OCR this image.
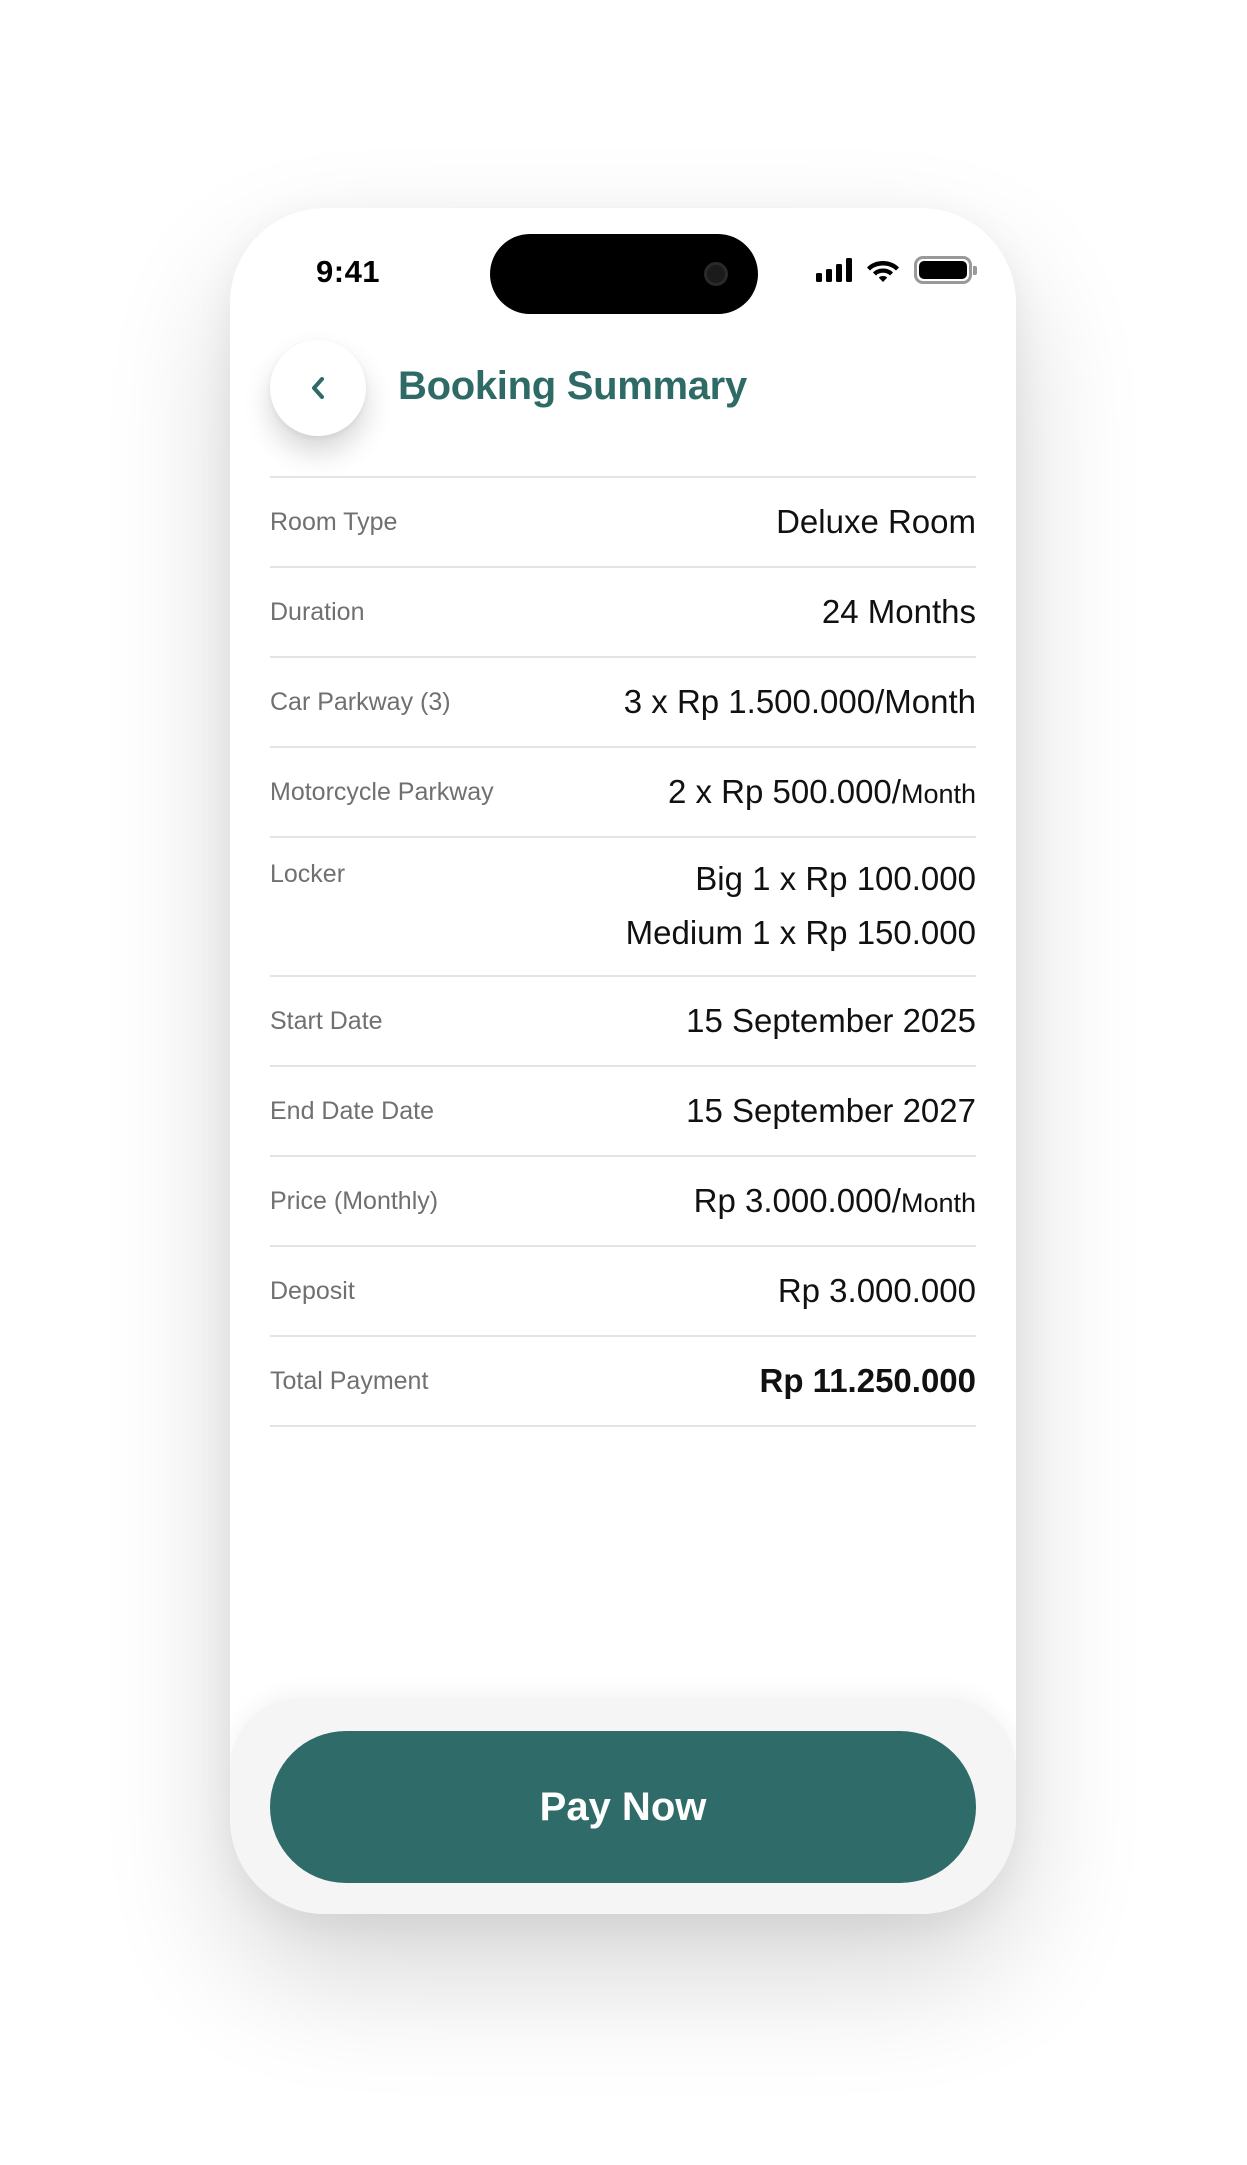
9:41
Booking Summary
Room Type	Deluxe Room
Duration	24 Months
Car Parkway (3)	3 x Rp 1.500.000/Month
Motorcycle Parkway	2 x Rp 500.000/Month
Locker	Big 1 x Rp 100.000
Medium 1 x Rp 150.000
Start Date	15 September 2025
End Date Date	15 September 2027
Price (Monthly)	Rp 3.000.000/Month
Deposit	Rp 3.000.000
Total Payment	Rp 11.250.000
Pay Now
